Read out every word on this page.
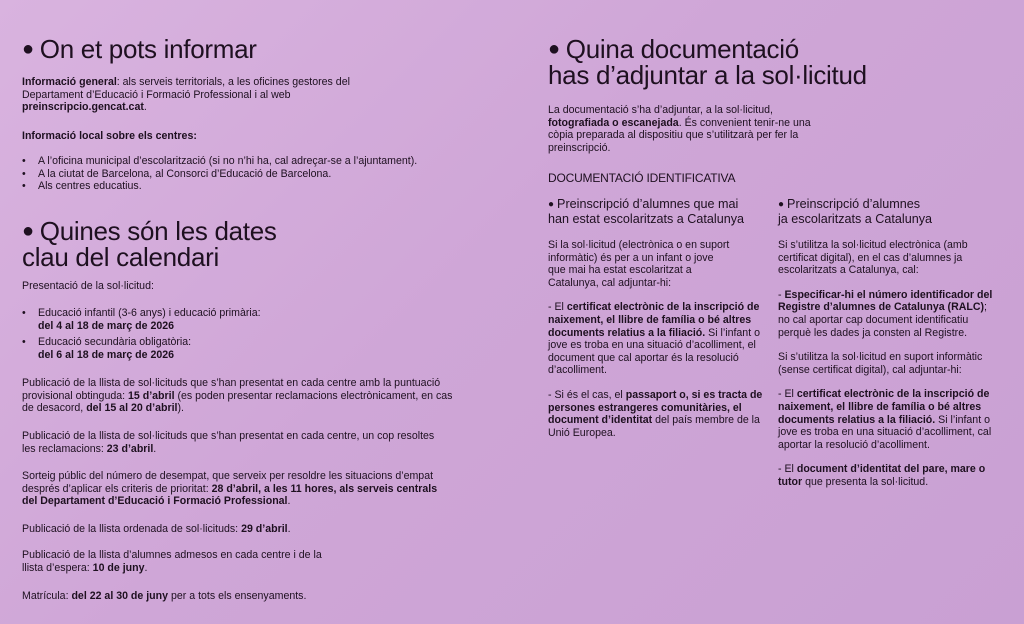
● On et pots informar

Informació general: als serveis territorials, a les oficines gestores del Departament d’Educació i Formació Professional i al web preinscripcio.gencat.cat.

Informació local sobre els centres:

• A l’oficina municipal d’escolarització (si no n’hi ha, cal adreçar-se a l’ajuntament).
• A la ciutat de Barcelona, al Consorci d’Educació de Barcelona.
• Als centres educatius.
● Quines són les dates
clau del calendari

Presentació de la sol·licitud:

• Educació infantil (3-6 anys) i educació primària:
del 4 al 18 de març de 2026
• Educació secundària obligatòria:
del 6 al 18 de març de 2026

Publicació de la llista de sol·licituds que s’han presentat en cada centre amb la puntuació provisional obtinguda: 15 d’abril (es poden presentar reclamacions electrònicament, en cas de desacord, del 15 al 20 d’abril).

Publicació de la llista de sol·licituds que s’han presentat en cada centre, un cop resoltes les reclamacions: 23 d’abril.

Sorteig públic del número de desempat, que serveix per resoldre les situacions d’empat després d’aplicar els criteris de prioritat: 28 d’abril, a les 11 hores, als serveis centrals del Departament d’Educació i Formació Professional.

Publicació de la llista ordenada de sol·licituds: 29 d’abril.

Publicació de la llista d’alumnes admesos en cada centre i de la llista d’espera: 10 de juny.

Matrícula: del 22 al 30 de juny per a tots els ensenyaments.

● Quina documentació
has d’adjuntar a la sol·licitud

La documentació s’ha d’adjuntar, a la sol·licitud, fotografiada o escanejada. És convenient tenir-ne una còpia preparada al dispositiu que s’utilitzarà per fer la preinscripció.

DOCUMENTACIÓ IDENTIFICATIVA

● Preinscripció d’alumnes que mai
han estat escolaritzats a Catalunya

Si la sol·licitud (electrònica o en suport informàtic) és per a un infant o jove que mai ha estat escolaritzat a Catalunya, cal adjuntar-hi:

- El certificat electrònic de la inscripció de naixement, el llibre de família o bé altres documents relatius a la filiació. Si l’infant o jove es troba en una situació d’acolliment, el document que cal aportar és la resolució d’acolliment.

- Si és el cas, el passaport o, si es tracta de persones estrangeres comunitàries, el document d’identitat del país membre de la Unió Europea.

● Preinscripció d’alumnes
ja escolaritzats a Catalunya

Si s’utilitza la sol·licitud electrònica (amb certificat digital), en el cas d’alumnes ja escolaritzats a Catalunya, cal:

- Especificar-hi el número identificador del Registre d’alumnes de Catalunya (RALC); no cal aportar cap document identificatiu perquè les dades ja consten al Registre.

Si s’utilitza la sol·licitud en suport informàtic (sense certificat digital), cal adjuntar-hi:

- El certificat electrònic de la inscripció de naixement, el llibre de família o bé altres documents relatius a la filiació. Si l’infant o jove es troba en una situació d’acolliment, cal aportar la resolució d’acolliment.

- El document d’identitat del pare, mare o tutor que presenta la sol·licitud.
